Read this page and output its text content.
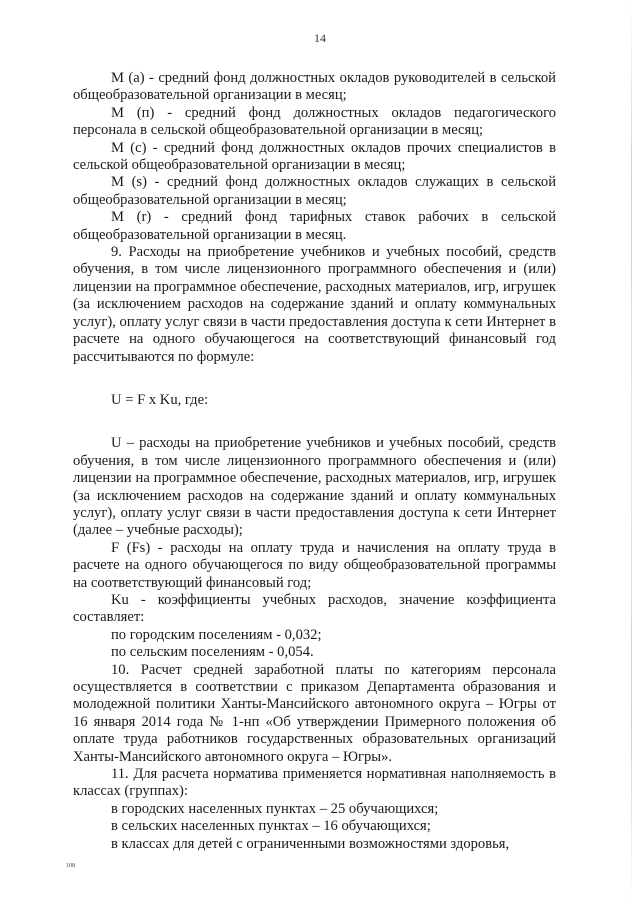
14

М (а) - средний фонд должностных окладов руководителей в сельской общеобразовательной организации в месяц;

М (п) - средний фонд должностных окладов педагогического персонала в сельской общеобразовательной организации в месяц;

М (с) - средний фонд должностных окладов прочих специалистов в сельской общеобразовательной организации в месяц;

М (s) - средний фонд должностных окладов служащих в сельской общеобразовательной организации в месяц;

М (r) - средний фонд тарифных ставок рабочих в сельской общеобразовательной организации в месяц.

9. Расходы на приобретение учебников и учебных пособий, средств обучения, в том числе лицензионного программного обеспечения и (или) лицензии на программное обеспечение, расходных материалов, игр, игрушек (за исключением расходов на содержание зданий и оплату коммунальных услуг), оплату услуг связи в части предоставления доступа к сети Интернет в расчете на одного обучающегося на соответствующий финансовый год рассчитываются по формуле:

U = F x Ku, где:

U – расходы на приобретение учебников и учебных пособий, средств обучения, в том числе лицензионного программного обеспечения и (или) лицензии на программное обеспечение, расходных материалов, игр, игрушек (за исключением расходов на содержание зданий и оплату коммунальных услуг), оплату услуг связи в части предоставления доступа к сети Интернет (далее – учебные расходы);

F (Fs) - расходы на оплату труда и начисления на оплату труда в расчете на одного обучающегося по виду общеобразовательной программы на соответствующий финансовый год;

Ku - коэффициенты учебных расходов, значение коэффициента составляет:

по городским поселениям - 0,032;

по сельским поселениям - 0,054.

10. Расчет средней заработной платы по категориям персонала осуществляется в соответствии с приказом Департамента образования и молодежной политики Ханты-Мансийского автономного округа – Югры от 16 января 2014 года № 1-нп «Об утверждении Примерного положения об оплате труда работников государственных образовательных организаций Ханты-Мансийского автономного округа – Югры».

11. Для расчета норматива применяется нормативная наполняемость в классах (группах):

в городских населенных пунктах – 25 обучающихся;

в сельских населенных пунктах – 16 обучающихся;

в классах для детей с ограниченными возможностями здоровья,

108
